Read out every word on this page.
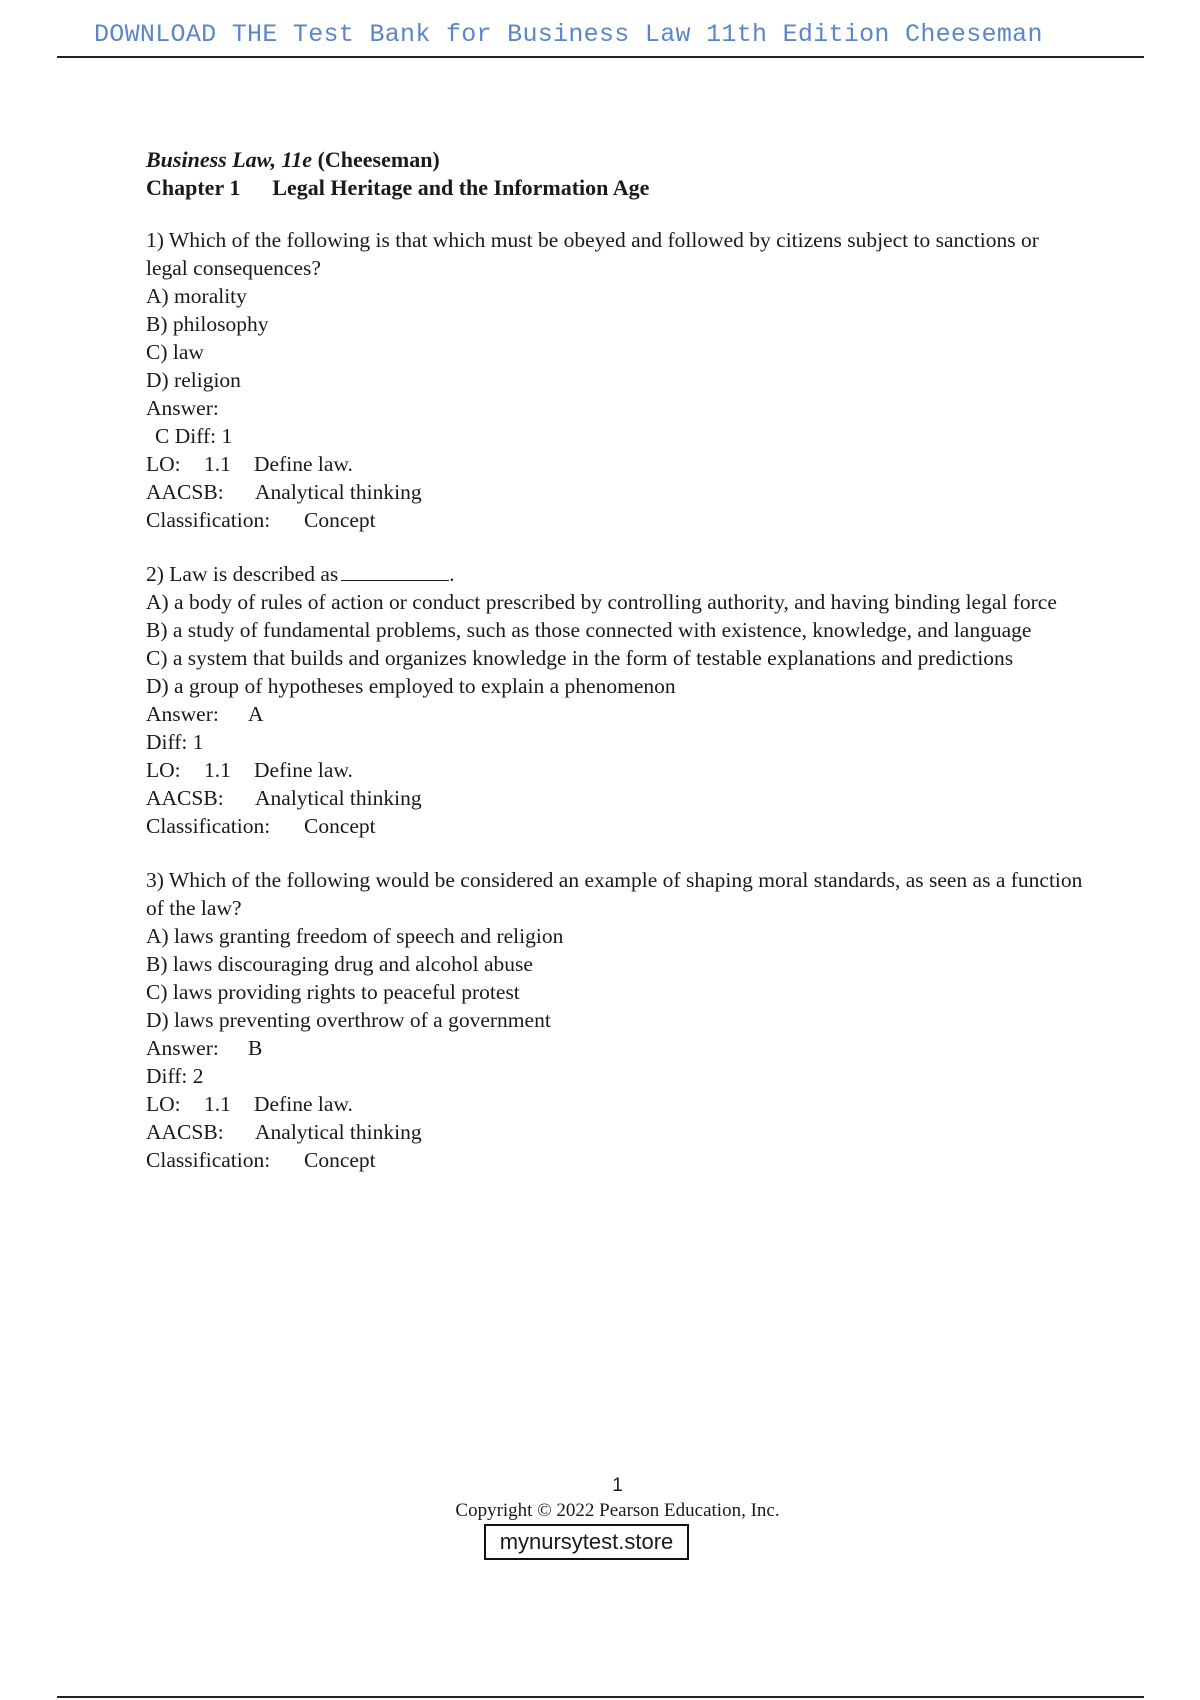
DOWNLOAD THE Test Bank for Business Law 11th Edition Cheeseman
Business Law, 11e (Cheeseman)
Chapter 1 Legal Heritage and the Information Age

1) Which of the following is that which must be obeyed and followed by citizens subject to sanctions or legal consequences?

A) morality

B) philosophy

C) law

D) religion

Answer:

C Diff: 1

LO: 1.1 Define law.

AACSB: Analytical thinking

Classification: Concept

2) Law is described as	.

A) a body of rules of action or conduct prescribed by controlling authority, and having binding legal force

B) a study of fundamental problems, such as those connected with existence, knowledge, and language

C) a system that builds and organizes knowledge in the form of testable explanations and predictions

D) a group of hypotheses employed to explain a phenomenon

Answer: A

Diff: 1

LO: 1.1 Define law.

AACSB: Analytical thinking

Classification: Concept

3) Which of the following would be considered an example of shaping moral standards, as seen as a function of the law?

A) laws granting freedom of speech and religion

B) laws discouraging drug and alcohol abuse

C) laws providing rights to peaceful protest

D) laws preventing overthrow of a government

Answer: B

Diff: 2

LO: 1.1 Define law.

AACSB: Analytical thinking

Classification: Concept

1
Copyright © 2022 Pearson Education, Inc.
mynursytest.store
